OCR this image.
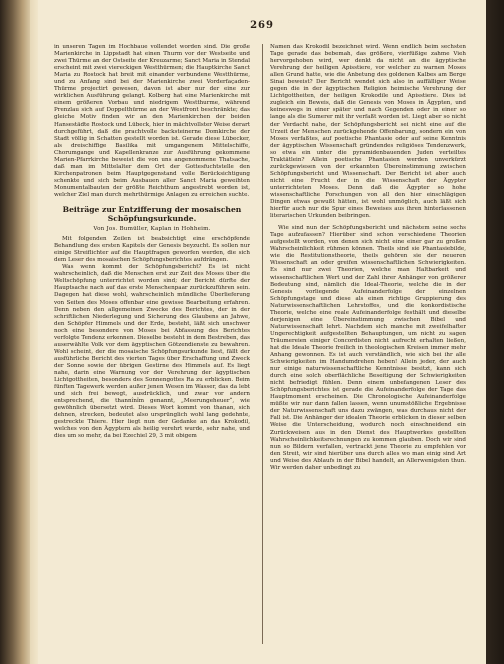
269

in unseren Tagen im Hochbaue vollendet worden sind. Die große Marienkirche in Lippstadt hat einen Thurm vor der Westseite und zwei Thürme an der Ostseite der Kreuzarme; Sanct Maria in Stendal erscheint mit zwei viereckigen Westthürmen; die Hauptkirche Sanct Maria zu Rostock hat breit mit einander verbundene Westthürme, und zu Anfang sind bei der Marienkirche zwei Vorderfaçaden-Thürme projectirt gewesen, davon ist aber nur der eine zur wirklichen Ausführung gelangt. Kolberg hat eine Marienkirche mit einem größeren Vorbau und niedrigem Westthurme, während Prenzlau sich auf Doppelthürme an der Westfront beschränkte; das gleiche Motiv finden wir an den Marienkirchen der beiden Hansestädte Rostock und Lübeck, hier in mächtvollster Weise derart durchgeführt, daß die prachtvolle backsteinerne Domkirche der Stadt völlig in Schatten gestellt worden ist. Gerade diese Lübecker, als dreischiffige Basilika mit umgangenem Mittelschiffe, Chorumgange und Kapellenkranze zur Ausführung gekommene Marien-Pfarrkirche beweist die von uns angenommene Thatsache, daß man im Mittelalter dem Ort der Gottesfuchtstelle den Kirchenpatronen beim Hauptgegenstand volle Berücksichtigung schenkte und sich beim Ausbauen aller Sanct Maria geweihten Monumentalbauten der größte Reichthum angestrebt worden ist, welcher Ziel man durch mehrthürmige Anlagen zu erreichen suchte.

Beiträge zur Entzifferung der mosaischen Schöpfungsurkunde.
Von Jos. Bumüller, Kaplan in Hohheim.

Mit folgenden Zeilen ist beabsichtigt eine erschöpfende Behandlung des ersten Kapitels der Genesis beyzucht. Es sollen nur einige Streiflichter auf die Hauptfragen geworfen werden, die sich dem Leser des mosaischen Schöpfungsberichtes aufdrängen.

Was wenn kommt der Schöpfungsbericht? Es ist nicht wahrscheinlich, daß die Menschen erst zur Zeit des Moses über die Weltschöpfung unterrichtet worden sind; der Bericht dürfte der Hauptsache nach auf das erste Menschenpaar zurückzuführen sein. Dagegen hat diese wohl, wahrscheinlich mündliche Überlieferung von Seiten des Moses offenbar eine gewisse Bearbeitung erfahren. Denn neben den allgemeinen Zwecke des Berichtes, der in der schriftlichen Niederlegung und Sicherung des Glaubens an Jahwe, den Schöpfer Himmels und der Erde, besteht, läßt sich unschwer noch eine besondere von Moses bei Abfassung des Berichtes verfolgte Tendenz erkennen. Dieselbe besteht in dem Bestreben, das auserwählte Volk vor dem ägyptischen Götzendienste zu bewahren. Wohl scheint, der die mosaische Schöpfungsurkunde liest, fällt der ausführliche Bericht des vierten Tages über Erschaffung und Zweck der Sonne sowie der übrigen Gestirne des Himmels auf. Es liegt nahe, darin eine Warnung vor der Verehrung der ägyptischen Lichtgottheiten, besonders des Sonnengottes Ra zu erblicken. Beim fünften Tagewerk werden außer jenen Wesen im Wasser, das da lebt und sich frei bewegt, ausdrücklich, und zwar vor andern entsprechend, die thannînîm genannt, „Meerungeheuer“, wie gewöhnlich übersetzt wird. Dieses Wort kommt von thanan, sich dehnen, strecken, bedeutet also ursprünglich wohl lang gedehnte, gestreckte Thiere. Hier liegt nun der Gedanke an das Krokodil, welches von den Ägyptern als heilig verehrt wurde, sehr nahe, und dies um so mehr, da bei Ezechiel 29, 3 mit obigem

Namen das Krokodil bezeichnet wird. Wenn endlich beim sechsten Tage gerade das bebemah, das größere, vierfüßige zahme Vieh hervorgehoben wird, wer denkt da nicht an die ägyptische Verehrung der heiligen Apisstiere, vor welcher zu warnen Moses allen Grund hatte, wie die Anbetung des goldenen Kalbes am Berge Sinai beweist? Der Bericht wendet sich also in auffälliger Weise gegen die in der ägyptischen Religion heimische Verehrung der Lichtgottheiten, der heiligen Krokodile und Apisstiere. Dies ist zugleich ein Beweis, daß die Genesis von Moses in Ägypten, und keineswegs in einer später und nach Gegenden oder in einer so lange als die Sumerer mit ihr verfaßt worden ist. Liegt aber so nicht der Verdacht nahe, der Schöpfungsbericht sei nicht eine auf die Urzeit der Menschen zurückgehende Offenbarung, sondern ein von Moses verfaßtes, auf poetische Phantasie oder auf seine Kenntnis der ägyptischen Wissenschaft gründendes religiöses Tendenzwerk, so etwa ein unter die pyramidenbauenden Juden verteiltes Traktätlein? Allein poetische Phantasien werden unverkürzt zurückgewiesen von der erkannten Übereinstimmung zwischen Schöpfungsbericht und Wissenschaft. Der Bericht ist aber auch nicht eine Frucht der in die Wissenschaft der Ägypter unterrichteten Moses. Denn daß die Ägypter so hohe wissenschaftliche Forschungen von all den hier einschlägigen Dingen etwas gewußt hätten, ist wohl unmöglich, auch läßt sich hierfür auch nur die Spur eines Beweises aus ihren hinterlassenen literarischen Urkunden beibringen.

Wie sind nun der Schöpfungsbericht und nächstem seine sechs Tage aufzufassen? Hierüber sind schon verschiedene Theorien aufgestellt worden, von denen sich nicht eine einer gar zu großen Wahrscheinlichkeit rühmen können. Theils sind sie Phantasiebilde, wie die Restitutionstheorie, theils gehören sie der neueren Wissenschaft an oder greifen wissenschaftlichen Schwierigkeiten. Es sind nur zwei Theorien, welche man Haltbarkeit und wissenschaftlichen Wert und der Zahl ihrer Anhänger von größerer Bedeutung sind, nämlich die Ideal-Theorie, welche die in der Genesis vorliegende Aufeinanderfolge der einzelnen Schöpfungstage und diese als einen richtige Gruppierung des Naturwissenschaftlichen Lehrstoffes, und die konkordistische Theorie, welche eine reale Aufeinanderfolge festhält und dieselbe derjenigen eine Übereinstimmung zwischen Bibel und Naturwissenschaft lehrt. Nachdem sich manche mit zweifelhafter Ungerechtigkeit aufgestellten Behauptungen, um nicht zu sagen Träumereien einiger Concordisten nicht aufrecht erhalten ließen, hat die Ideale Theorie freilich in theologischen Kreisen immer mehr Anhang gewonnen. Es ist auch verständlich, wie sich bei ihr alle Schwierigkeiten im Handumdrehen heben! Allein jeder, der auch nur einige naturwissenschaftliche Kenntnisse besitzt, kann sich durch eine solch oberflächliche Beseitigung der Schwierigkeiten nicht befriedigt fühlen. Denn einem unbefangenen Leser des Schöpfungsberichtes ist gerade die Aufeinanderfolge der Tage das Hauptmoment erscheinen. Die Chronologische Aufeinanderfolge müßte wir nur dann fallen lassen, wenn unumstößliche Ergebnisse der Naturwissenschaft uns dazu zwängen, was durchaus nicht der Fall ist. Die Anhänger der idealen Theorie erblicken in dieser selben Weise die Unterscheidung, wodurch noch einschneidend ein Zurückweisen aus in den Dienst des Hauptwerkes gestellten Wahrscheinlichkeitsrechnungen zu kommen glauben. Doch wir sind nun so Bildern verfallen, vertrackt jene Theorie zu empfehlen vor den Streit, wir sind hierüber uns durch alles wo man einig sind Art und Weise des Ablaufs in der Bibel handelt, an Allerwenigsten thun. Wir werden daher unbedingt zu
